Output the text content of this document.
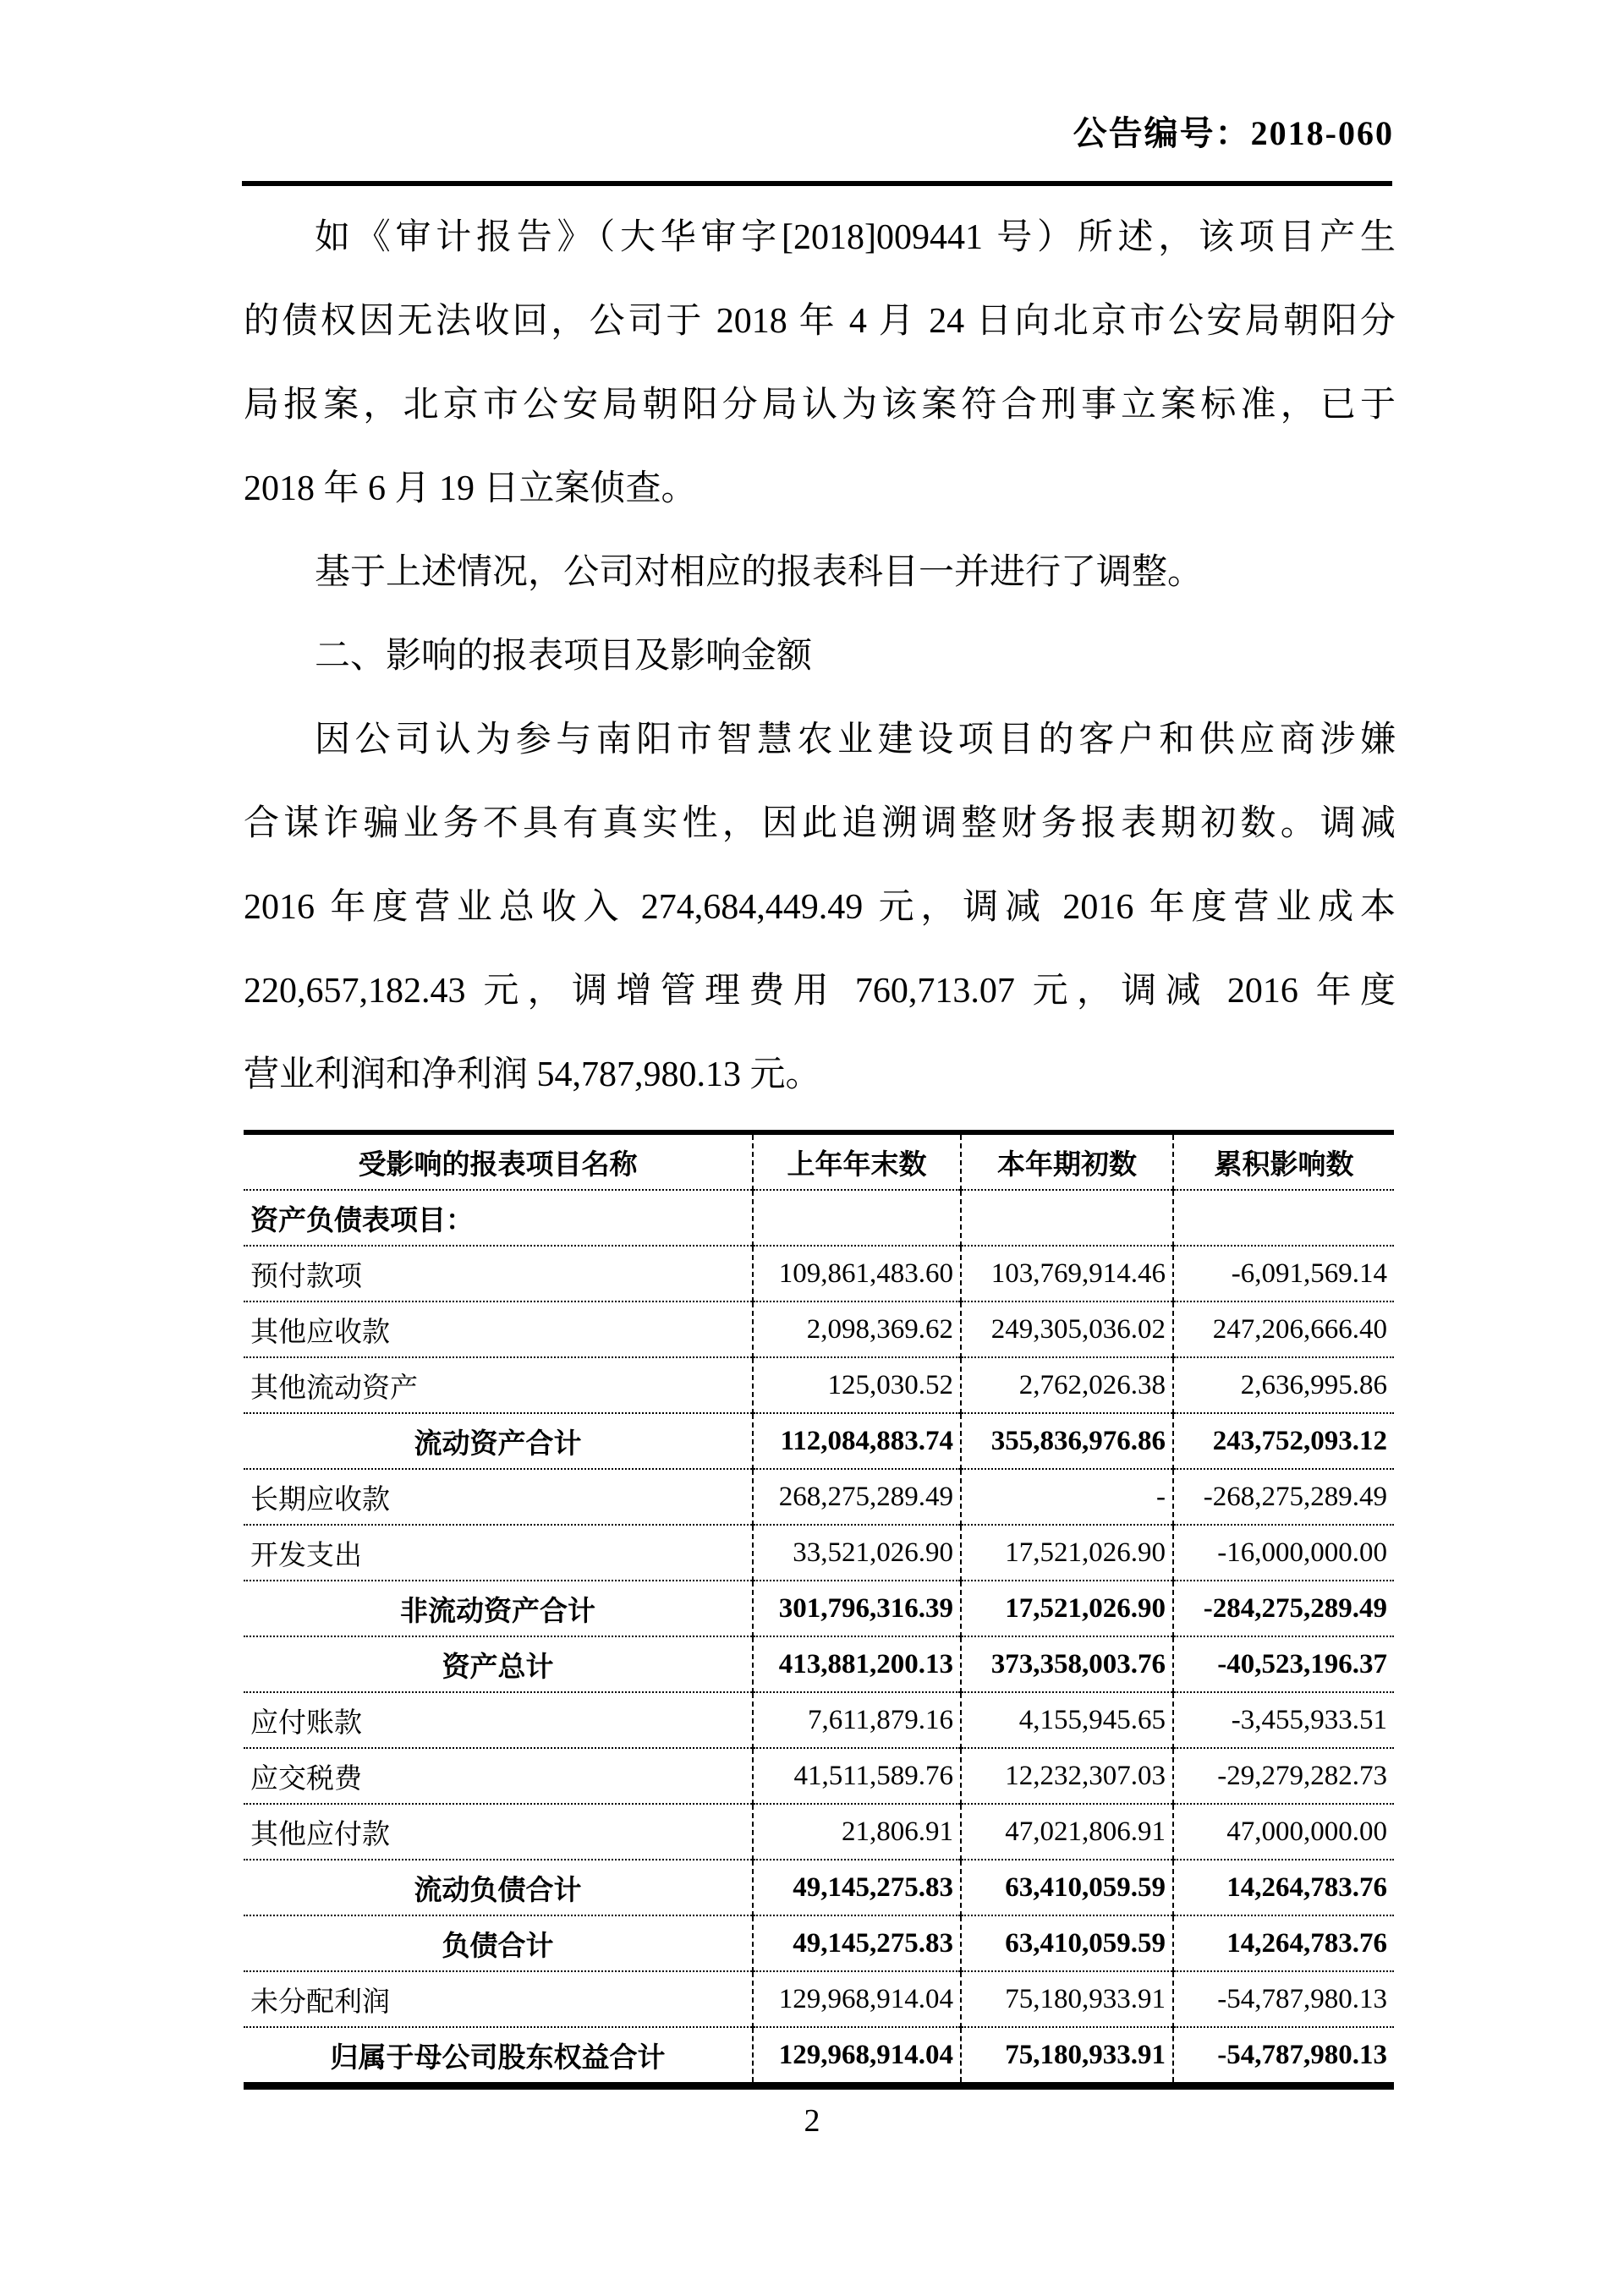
公告编号：2018-060
如《审计报告》（大华审字[2018]009441 号）所述，该项目产生
的债权因无法收回，公司于 2018 年 4 月 24 日向北京市公安局朝阳分
局报案，北京市公安局朝阳分局认为该案符合刑事立案标准，已于
2018 年 6 月 19 日立案侦查。
基于上述情况，公司对相应的报表科目一并进行了调整。
二、影响的报表项目及影响金额
因公司认为参与南阳市智慧农业建设项目的客户和供应商涉嫌
合谋诈骗业务不具有真实性，因此追溯调整财务报表期初数。调减
2016 年度营业总收入 274,684,449.49 元，调减 2016 年度营业成本
220,657,182.43 元，调增管理费用 760,713.07 元，调减 2016 年度
营业利润和净利润 54,787,980.13 元。
受影响的报表项目名称	上年年末数	本年期初数	累积影响数
资产负债表项目：			
预付款项	109,861,483.60	103,769,914.46	-6,091,569.14
其他应收款	2,098,369.62	249,305,036.02	247,206,666.40
其他流动资产	125,030.52	2,762,026.38	2,636,995.86
流动资产合计	112,084,883.74	355,836,976.86	243,752,093.12
长期应收款	268,275,289.49	-	-268,275,289.49
开发支出	33,521,026.90	17,521,026.90	-16,000,000.00
非流动资产合计	301,796,316.39	17,521,026.90	-284,275,289.49
资产总计	413,881,200.13	373,358,003.76	-40,523,196.37
应付账款	7,611,879.16	4,155,945.65	-3,455,933.51
应交税费	41,511,589.76	12,232,307.03	-29,279,282.73
其他应付款	21,806.91	47,021,806.91	47,000,000.00
流动负债合计	49,145,275.83	63,410,059.59	14,264,783.76
负债合计	49,145,275.83	63,410,059.59	14,264,783.76
未分配利润	129,968,914.04	75,180,933.91	-54,787,980.13
归属于母公司股东权益合计	129,968,914.04	75,180,933.91	-54,787,980.13
2
